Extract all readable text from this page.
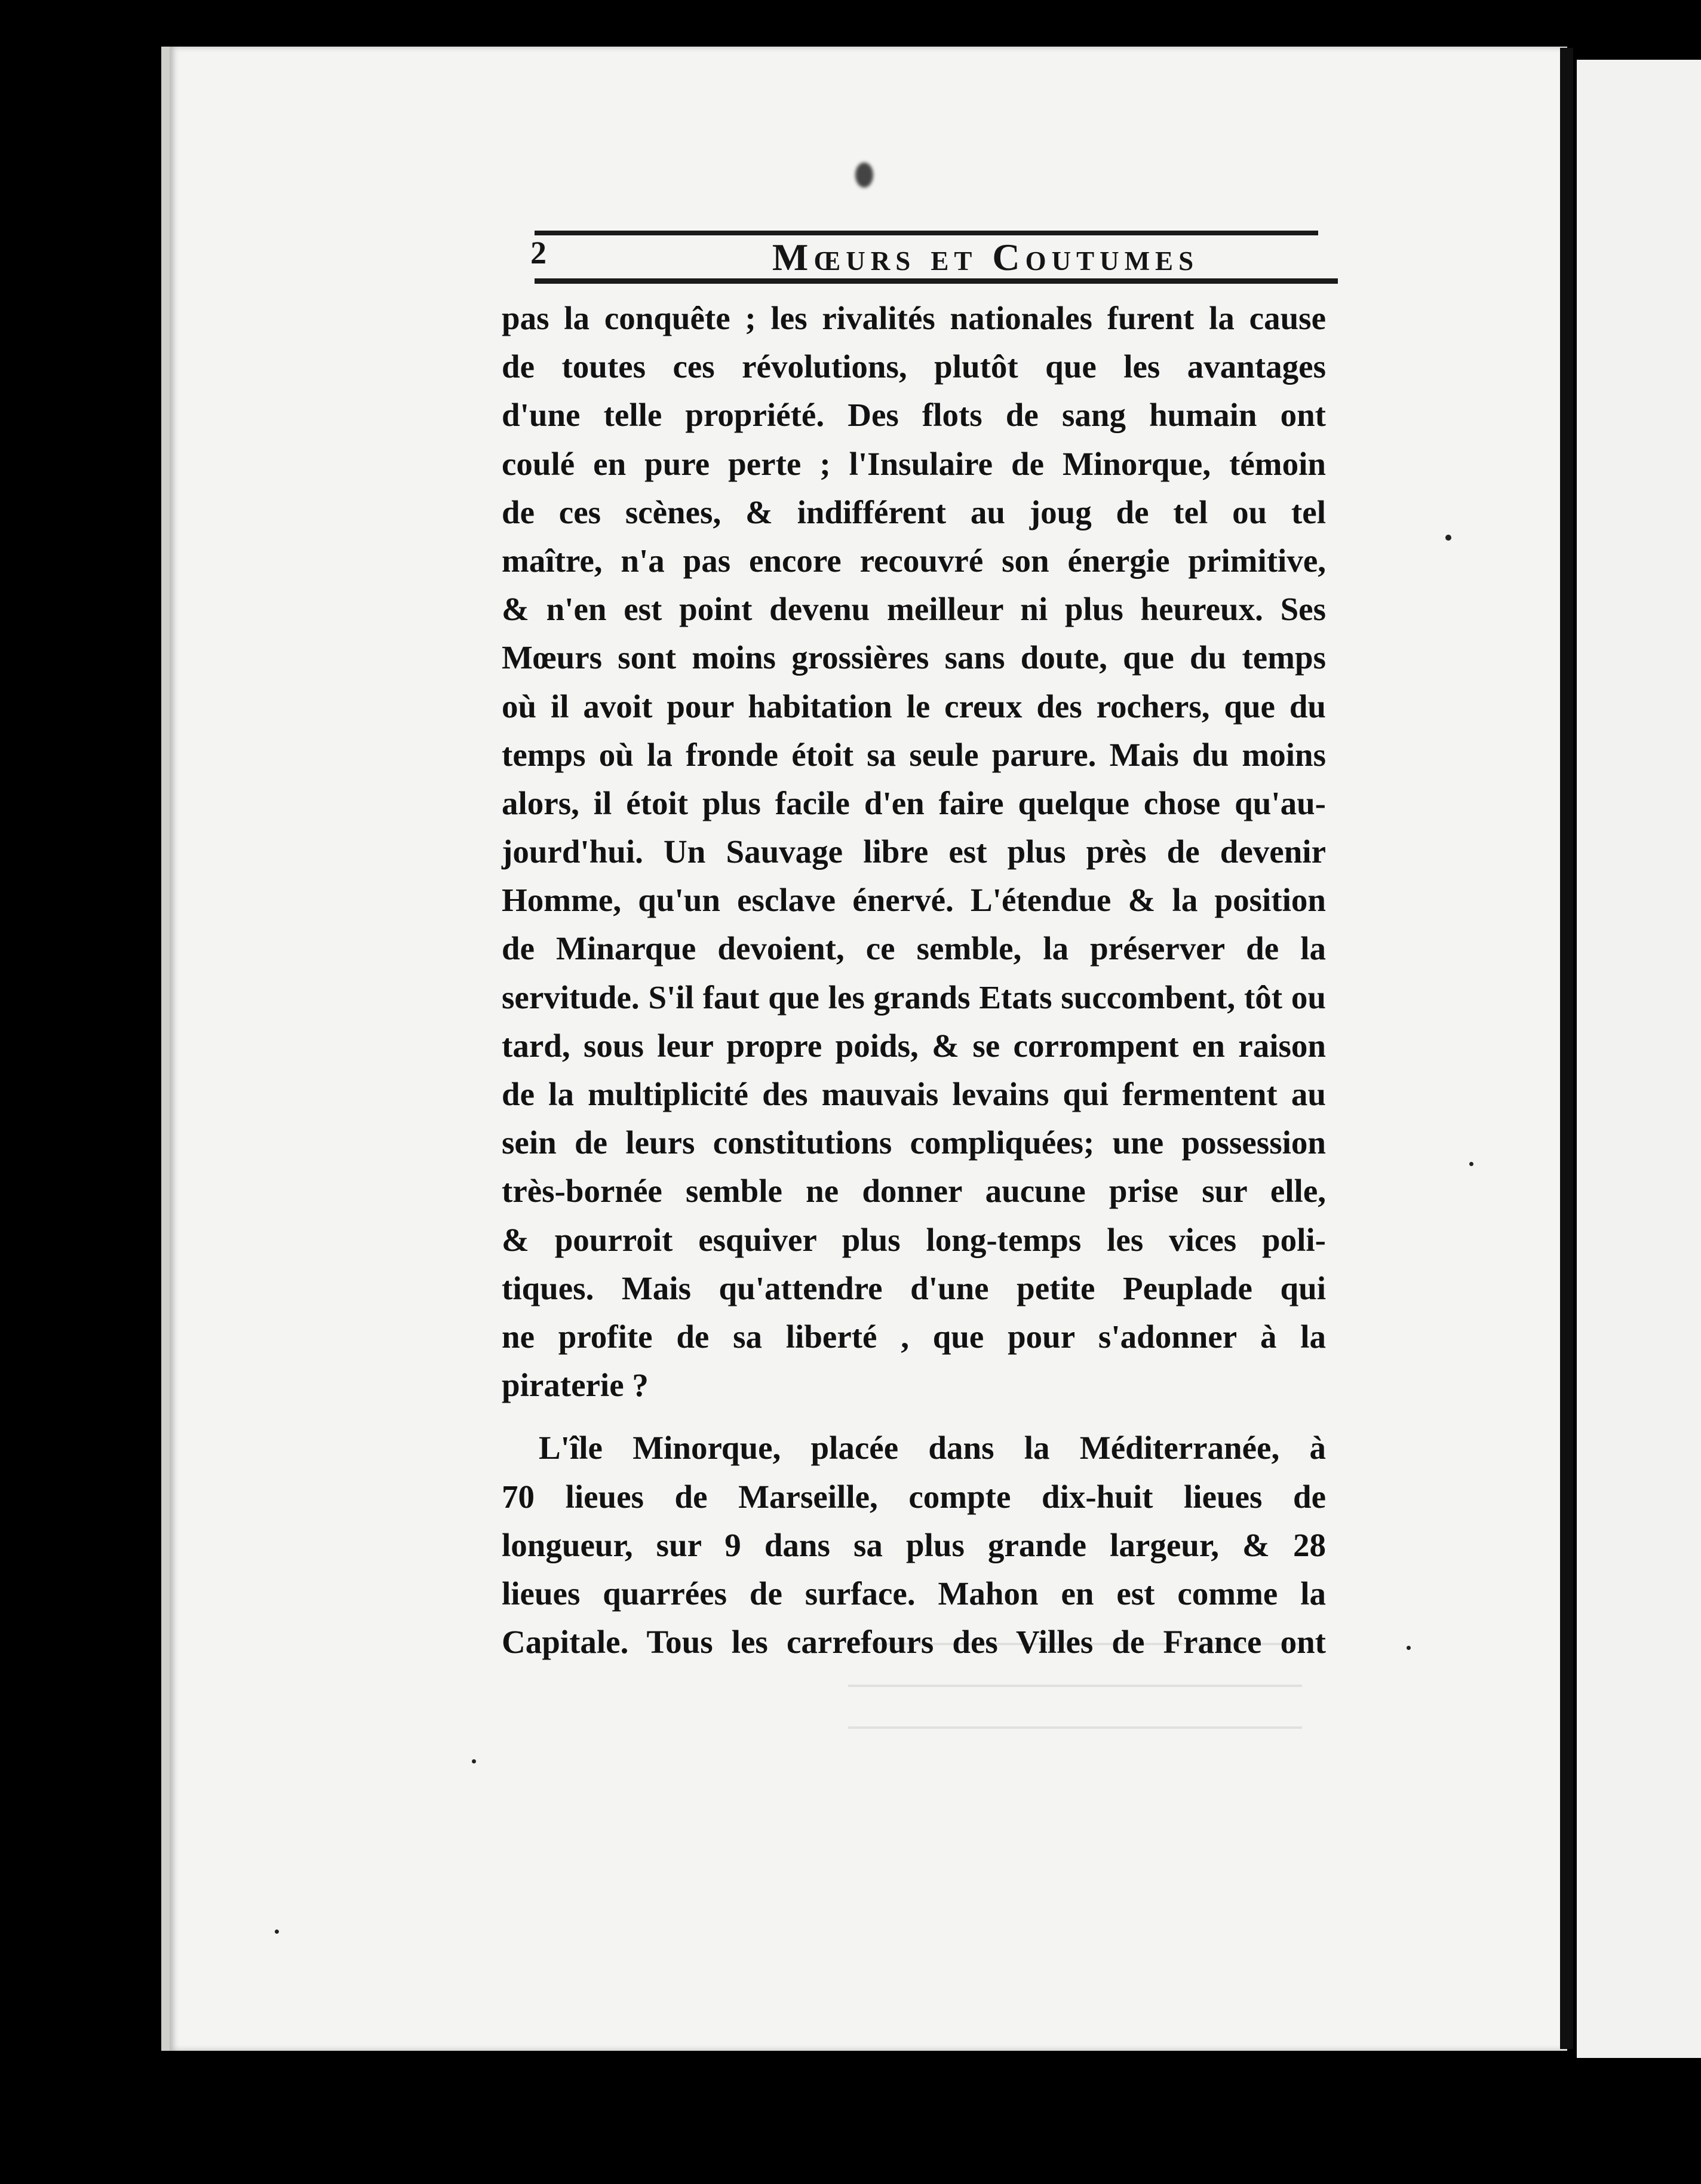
2	Mœurs et Coutumes
pas la conquête ; les rivalités nationales furent la cause
de toutes ces révolutions, plutôt que les avantages
d'une telle propriété. Des flots de sang humain ont
coulé en pure perte ; l'Insulaire de Minorque, témoin
de ces scènes, & indifférent au joug de tel ou tel
maître, n'a pas encore recouvré son énergie primitive,
& n'en est point devenu meilleur ni plus heureux. Ses
Mœurs sont moins grossières sans doute, que du temps
où il avoit pour habitation le creux des rochers, que du
temps où la fronde étoit sa seule parure. Mais du moins
alors, il étoit plus facile d'en faire quelque chose qu'au-
jourd'hui. Un Sauvage libre est plus près de devenir
Homme, qu'un esclave énervé. L'étendue & la position
de Minarque devoient, ce semble, la préserver de la
servitude. S'il faut que les grands Etats succombent, tôt ou
tard, sous leur propre poids, & se corrompent en raison
de la multiplicité des mauvais levains qui fermentent au
sein de leurs constitutions compliquées; une possession
très-bornée semble ne donner aucune prise sur elle,
& pourroit esquiver plus long-temps les vices poli-
tiques. Mais qu'attendre d'une petite Peuplade qui
ne profite de sa liberté , que pour s'adonner à la
piraterie ?
L'île Minorque, placée dans la Méditerranée, à
70 lieues de Marseille, compte dix-huit lieues de
longueur, sur 9 dans sa plus grande largeur, & 28
lieues quarrées de surface. Mahon en est comme la
Capitale. Tous les carrefours des Villes de France ont
